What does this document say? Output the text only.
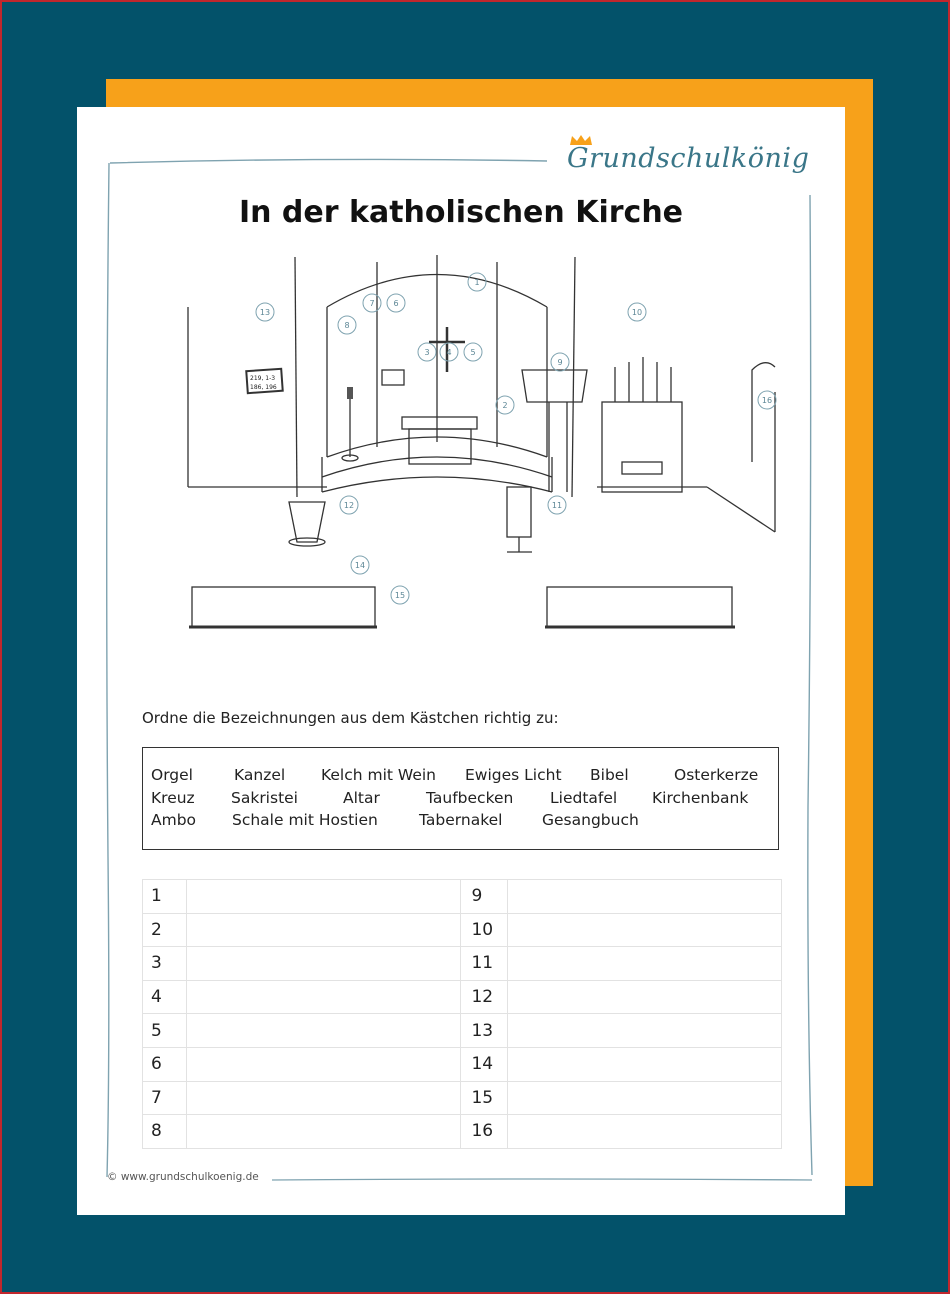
Grundschulkönig
In der katholischen Kirche
219, 1-3
186, 196
1
2
3 4 5
6
7
8
9
10
11
12
13
14
15
16
Ordne die Bezeichnungen aus dem Kästchen richtig zu:
Orgel	Kanzel Kelch mit Wein Ewiges Licht Bibel	Osterkerze
Kreuz Sakristei	Altar	Taufbecken Liedtafel Kirchenbank
Ambo Schale mit Hostien	Tabernakel	Gesangbuch
1		9	
2		10	
3		11	
4		12	
5		13	
6		14	
7		15	
8		16	
© www.grundschulkoenig.de
